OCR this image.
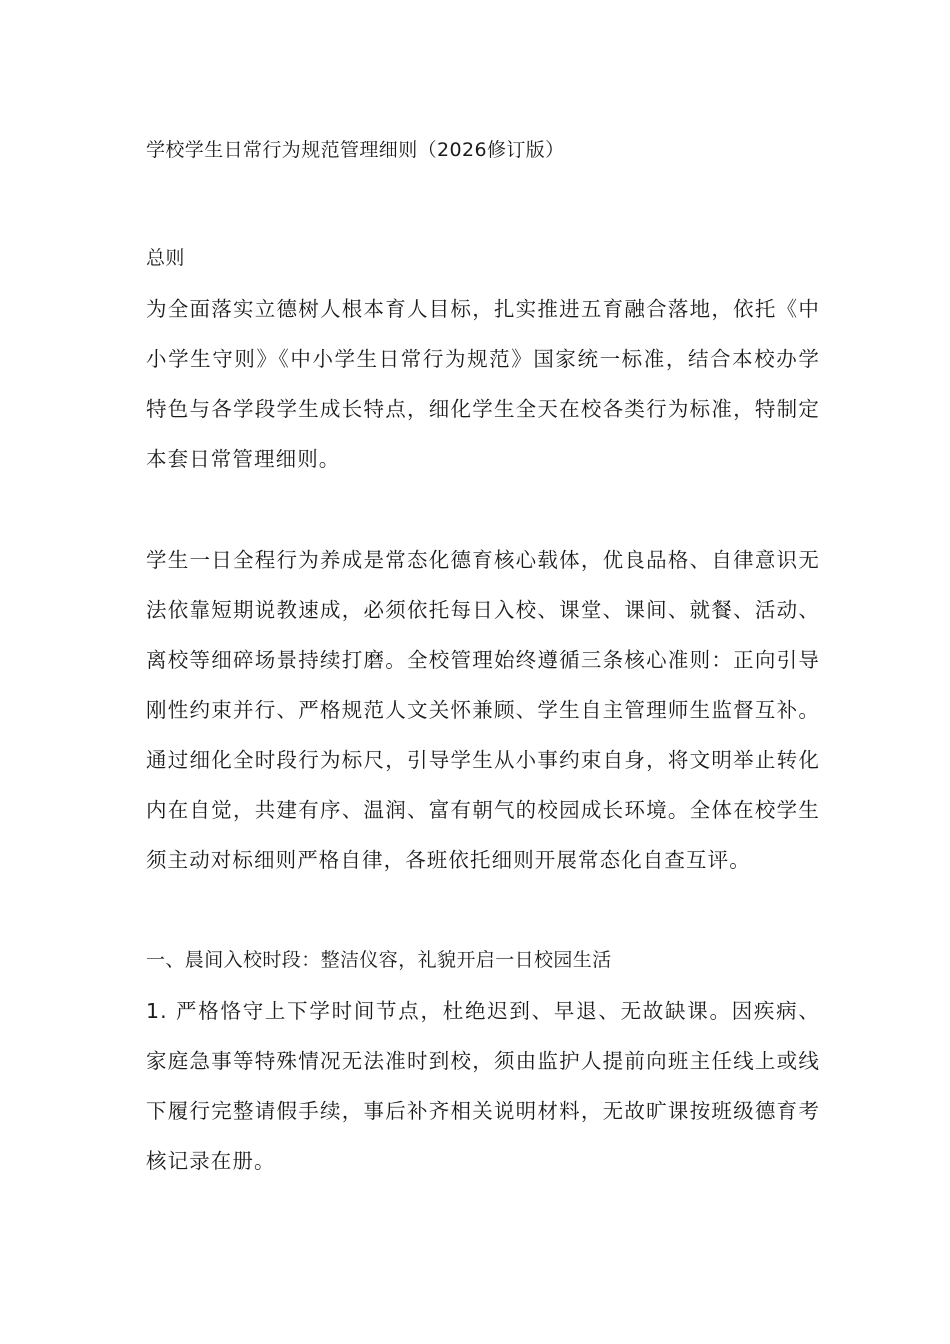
学校学生日常行为规范管理细则（2026修订版）

总则

为全面落实立德树人根本育人目标，扎实推进五育融合落地，依托《中小学生守则》《中小学生日常行为规范》国家统一标准，结合本校办学特色与各学段学生成长特点，细化学生全天在校各类行为标准，特制定本套日常管理细则。

学生一日全程行为养成是常态化德育核心载体，优良品格、自律意识无法依靠短期说教速成，必须依托每日入校、课堂、课间、就餐、活动、离校等细碎场景持续打磨。全校管理始终遵循三条核心准则：正向引导刚性约束并行、严格规范人文关怀兼顾、学生自主管理师生监督互补。通过细化全时段行为标尺，引导学生从小事约束自身，将文明举止转化内在自觉，共建有序、温润、富有朝气的校园成长环境。全体在校学生须主动对标细则严格自律，各班依托细则开展常态化自查互评。

一、晨间入校时段：整洁仪容，礼貌开启一日校园生活

1. 严格恪守上下学时间节点，杜绝迟到、早退、无故缺课。因疾病、家庭急事等特殊情况无法准时到校，须由监护人提前向班主任线上或线下履行完整请假手续，事后补齐相关说明材料，无故旷课按班级德育考核记录在册。
